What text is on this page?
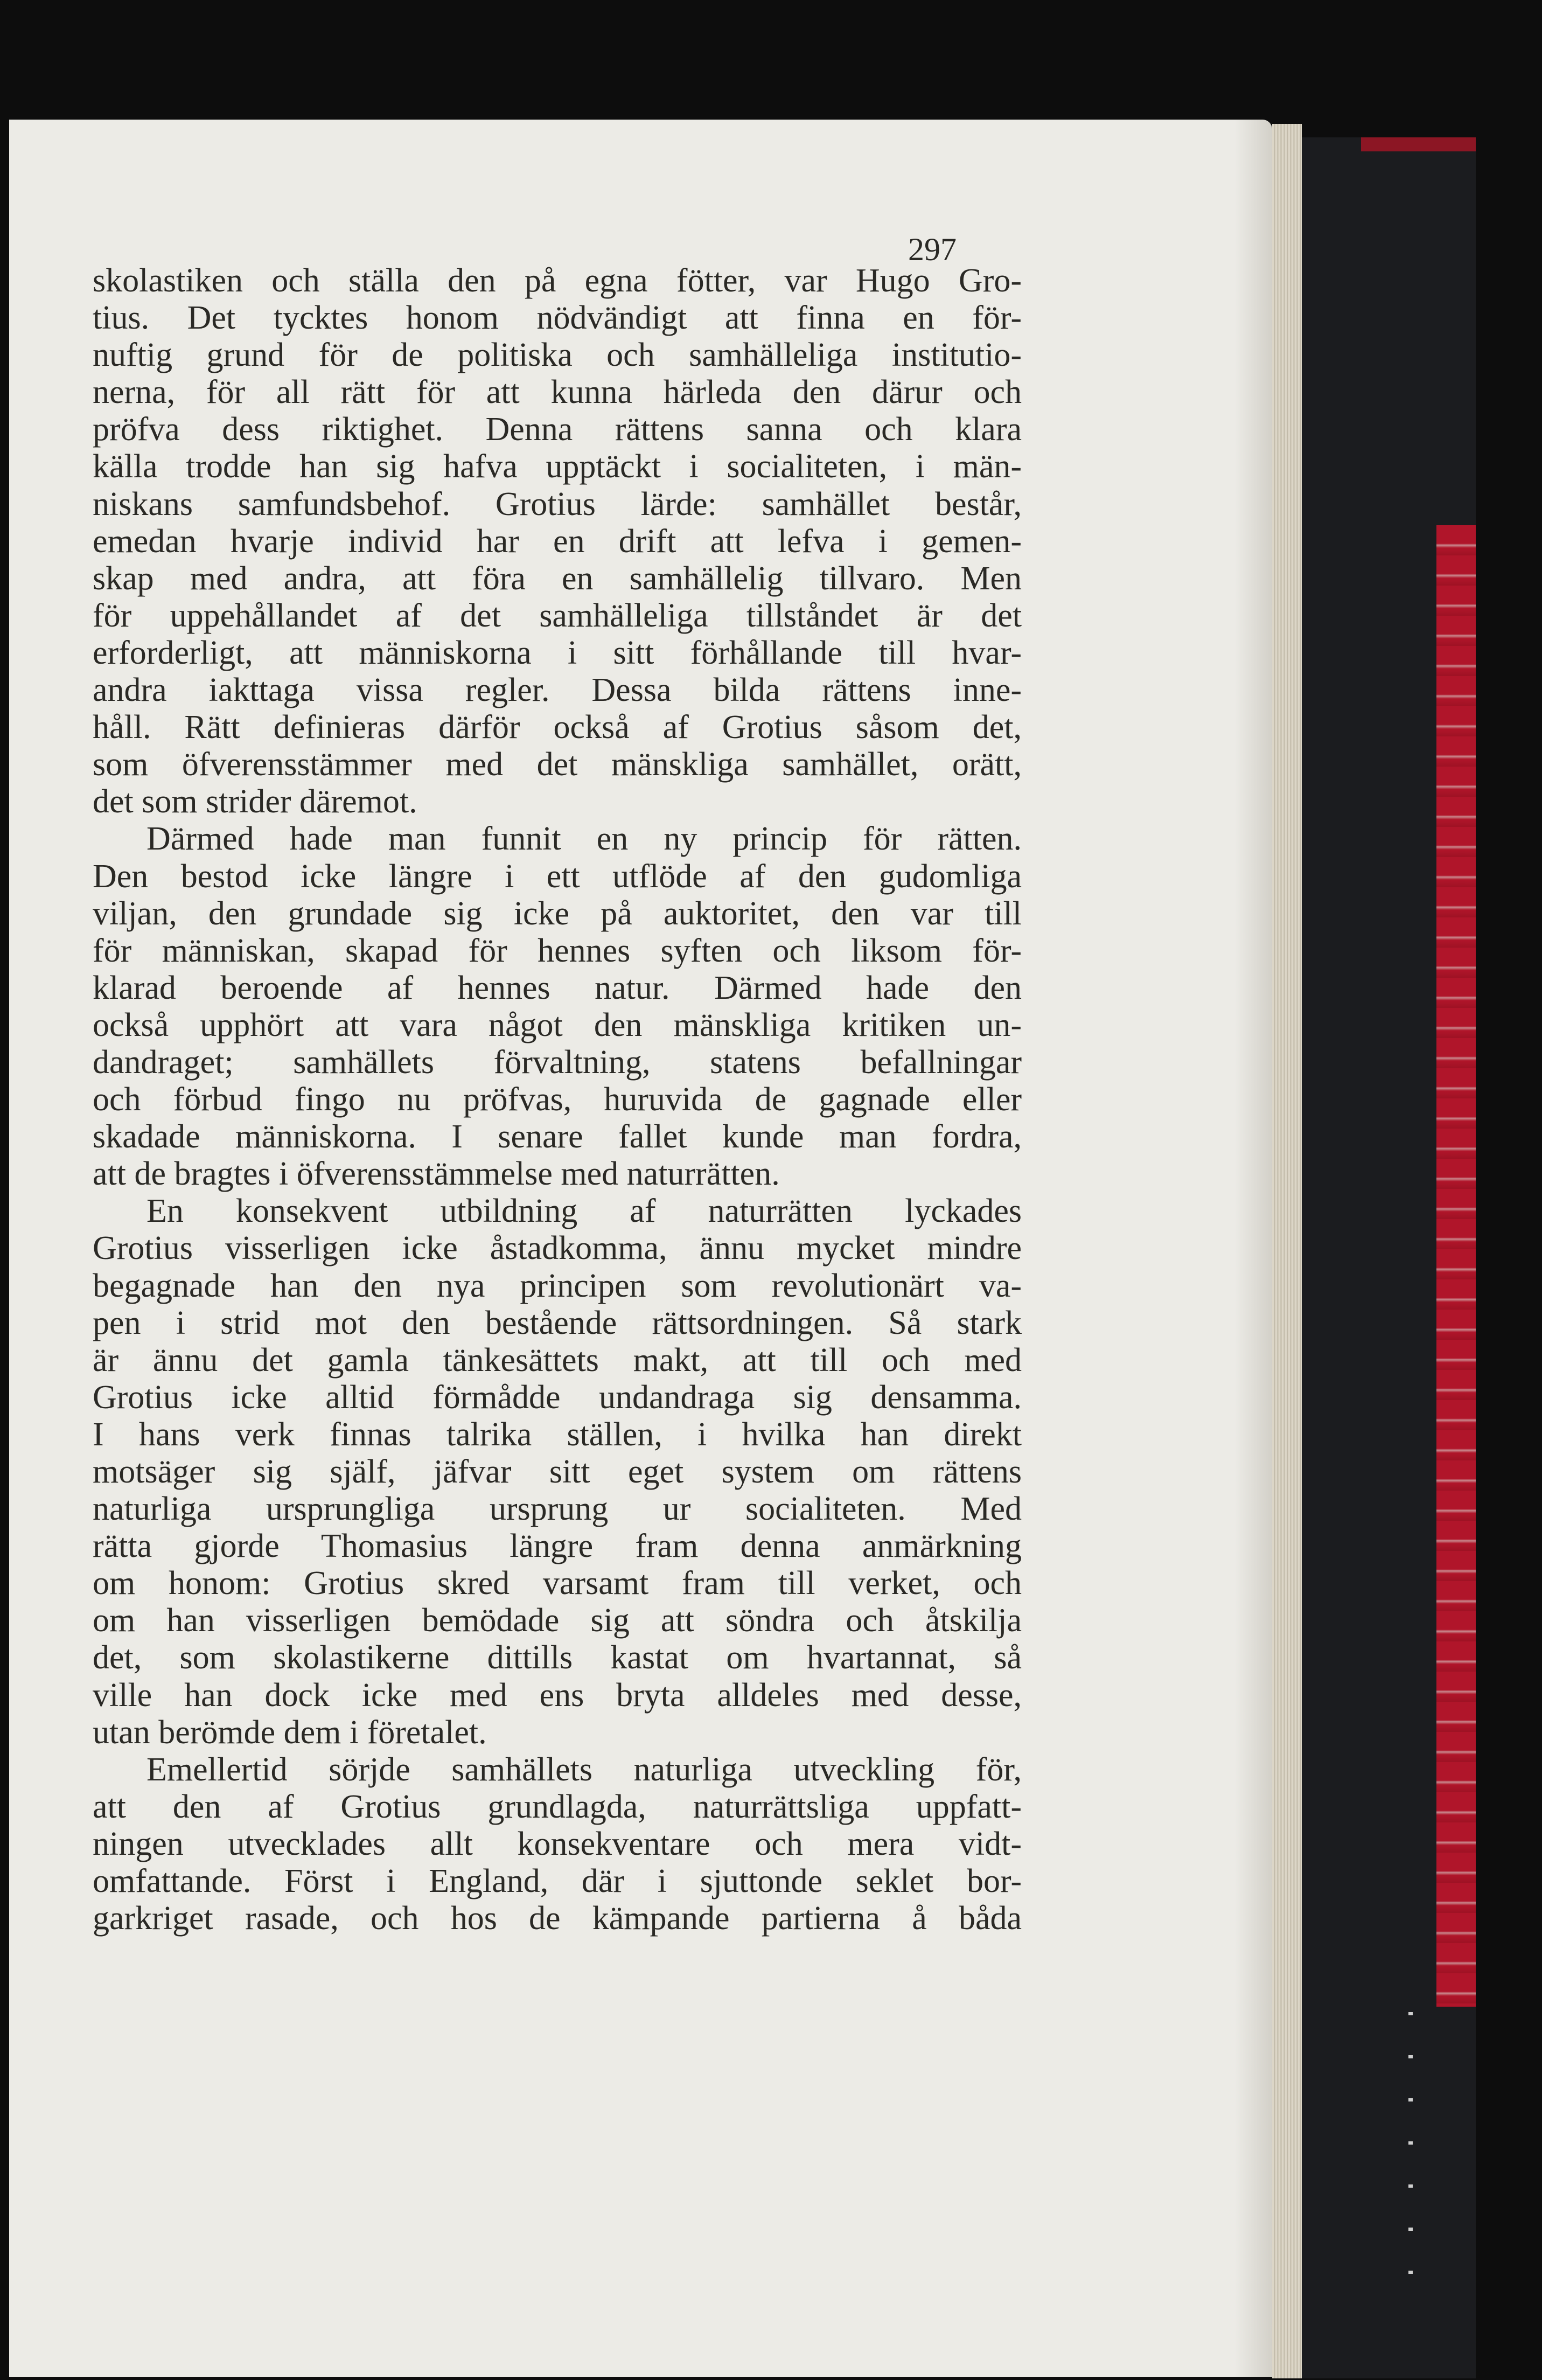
297
skolastiken och ställa den på egna fötter, var Hugo Gro-
tius. Det tycktes honom nödvändigt att finna en för-
nuftig grund för de politiska och samhälleliga institutio-
nerna, för all rätt för att kunna härleda den därur och
pröfva dess riktighet. Denna rättens sanna och klara
källa trodde han sig hafva upptäckt i socialiteten, i män-
niskans samfundsbehof. Grotius lärde: samhället består,
emedan hvarje individ har en drift att lefva i gemen-
skap med andra, att föra en samhällelig tillvaro. Men
för uppehållandet af det samhälleliga tillståndet är det
erforderligt, att människorna i sitt förhållande till hvar-
andra iakttaga vissa regler. Dessa bilda rättens inne-
håll. Rätt definieras därför också af Grotius såsom det,
som öfverensstämmer med det mänskliga samhället, orätt,
det som strider däremot.
Därmed hade man funnit en ny princip för rätten.
Den bestod icke längre i ett utflöde af den gudomliga
viljan, den grundade sig icke på auktoritet, den var till
för människan, skapad för hennes syften och liksom för-
klarad beroende af hennes natur. Därmed hade den
också upphört att vara något den mänskliga kritiken un-
dandraget; samhällets förvaltning, statens befallningar
och förbud fingo nu pröfvas, huruvida de gagnade eller
skadade människorna. I senare fallet kunde man fordra,
att de bragtes i öfverensstämmelse med naturrätten.
En konsekvent utbildning af naturrätten lyckades
Grotius visserligen icke åstadkomma, ännu mycket mindre
begagnade han den nya principen som revolutionärt va-
pen i strid mot den bestående rättsordningen. Så stark
är ännu det gamla tänkesättets makt, att till och med
Grotius icke alltid förmådde undandraga sig densamma.
I hans verk finnas talrika ställen, i hvilka han direkt
motsäger sig själf, jäfvar sitt eget system om rättens
naturliga ursprungliga ursprung ur socialiteten. Med
rätta gjorde Thomasius längre fram denna anmärkning
om honom: Grotius skred varsamt fram till verket, och
om han visserligen bemödade sig att söndra och åtskilja
det, som skolastikerne dittills kastat om hvartannat, så
ville han dock icke med ens bryta alldeles med desse,
utan berömde dem i företalet.
Emellertid sörjde samhällets naturliga utveckling för,
att den af Grotius grundlagda, naturrättsliga uppfatt-
ningen utvecklades allt konsekventare och mera vidt-
omfattande. Först i England, där i sjuttonde seklet bor-
garkriget rasade, och hos de kämpande partierna å båda
